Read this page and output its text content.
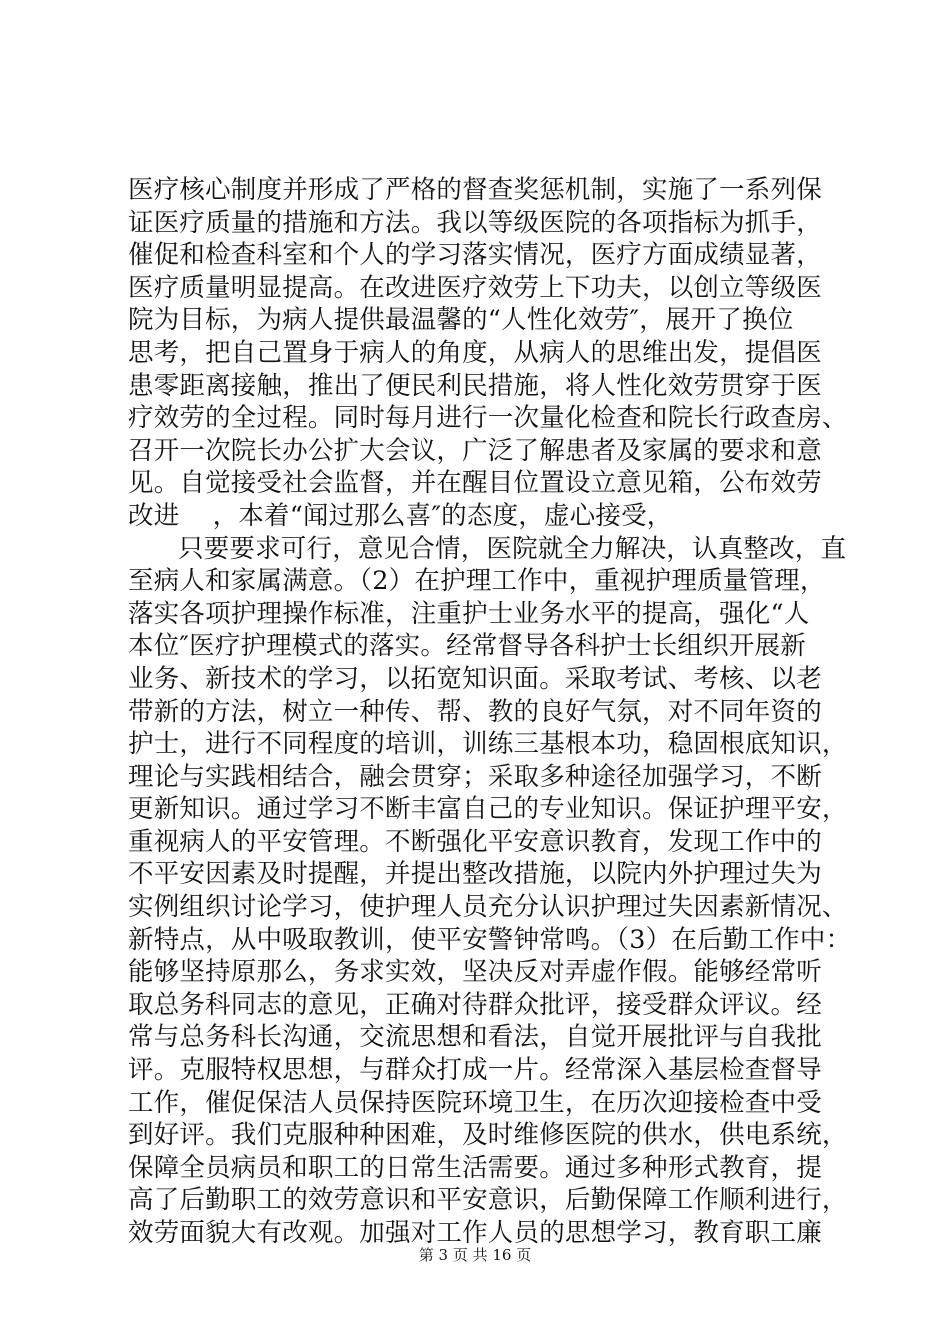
医疗核心制度并形成了严格的督查奖惩机制，实施了一系列保
证医疗质量的措施和方法。我以等级医院的各项指标为抓手，
催促和检查科室和个人的学习落实情况，医疗方面成绩显著，
医疗质量明显提高。在改进医疗效劳上下功夫，以创立等级医
院为目标，为病人提供最温馨的“人性化效劳″，展开了换位
思考，把自己置身于病人的角度，从病人的思维出发，提倡医
患零距离接触，推出了便民利民措施，将人性化效劳贯穿于医
疗效劳的全过程。同时每月进行一次量化检查和院长行政查房、
召开一次院长办公扩大会议，广泛了解患者及家属的要求和意
见。自觉接受社会监督，并在醒目位置设立意见箱，公布效劳
改进    ，本着“闻过那么喜″的态度，虚心接受，
只要要求可行，意见合情，医院就全力解决，认真整改，直
至病人和家属满意。（2）在护理工作中，重视护理质量管理，
落实各项护理操作标准，注重护士业务水平的提高，强化“人
本位″医疗护理模式的落实。经常督导各科护士长组织开展新
业务、新技术的学习，以拓宽知识面。采取考试、考核、以老
带新的方法，树立一种传、帮、教的良好气氛，对不同年资的
护士，进行不同程度的培训，训练三基根本功，稳固根底知识，
理论与实践相结合，融会贯穿；采取多种途径加强学习，不断
更新知识。通过学习不断丰富自己的专业知识。保证护理平安，
重视病人的平安管理。不断强化平安意识教育，发现工作中的
不平安因素及时提醒，并提出整改措施，以院内外护理过失为
实例组织讨论学习，使护理人员充分认识护理过失因素新情况、
新特点，从中吸取教训，使平安警钟常鸣。（3）在后勤工作中：
能够坚持原那么，务求实效，坚决反对弄虚作假。能够经常听
取总务科同志的意见，正确对待群众批评，接受群众评议。经
常与总务科长沟通，交流思想和看法，自觉开展批评与自我批
评。克服特权思想，与群众打成一片。经常深入基层检查督导
工作，催促保洁人员保持医院环境卫生，在历次迎接检查中受
到好评。我们克服种种困难，及时维修医院的供水，供电系统，
保障全员病员和职工的日常生活需要。通过多种形式教育，提
高了后勤职工的效劳意识和平安意识，后勤保障工作顺利进行，
效劳面貌大有改观。加强对工作人员的思想学习，教育职工廉
第 3 页 共 16 页
